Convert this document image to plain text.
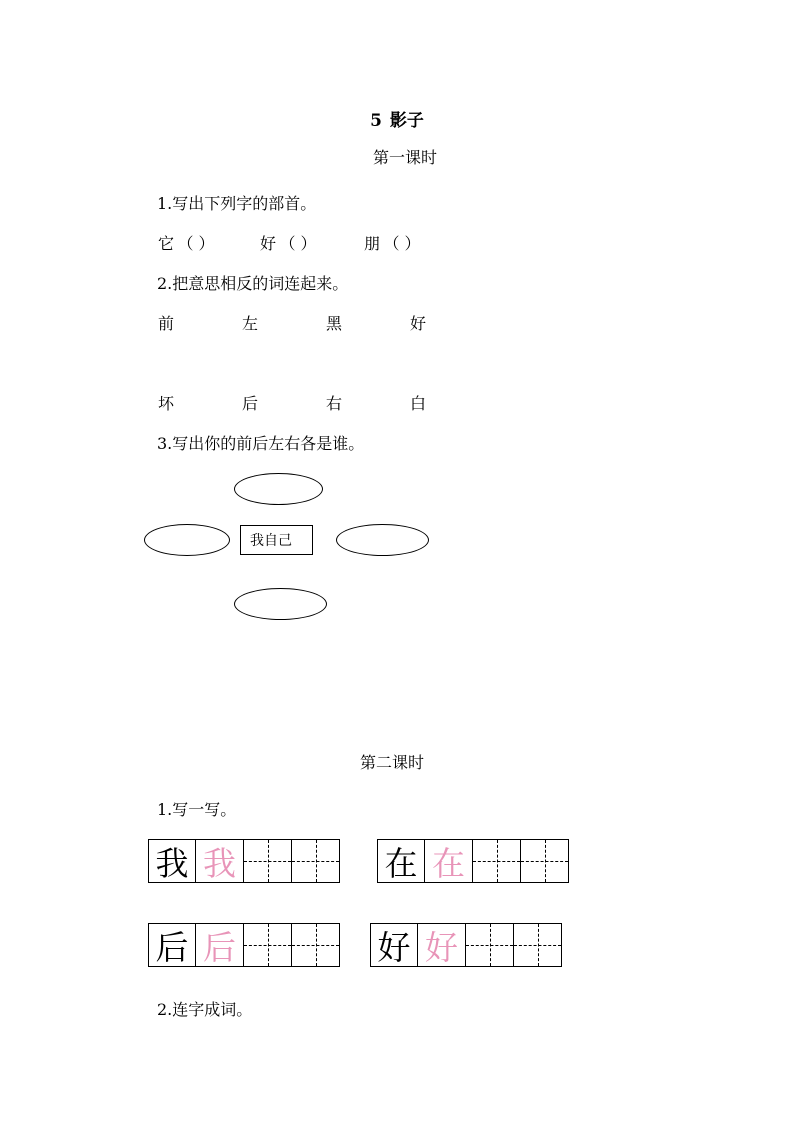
5 影子
第一课时
1.写出下列字的部首。
它 （ ）	好 （ ）	朋 （ ）
2.把意思相反的词连起来。
前	左	黑	好
坏	后	右	白
3.写出你的前后左右各是谁。
我自己
第二课时
1.写一写。
我 我	在 在
后 后	好 好
2.连字成词。
